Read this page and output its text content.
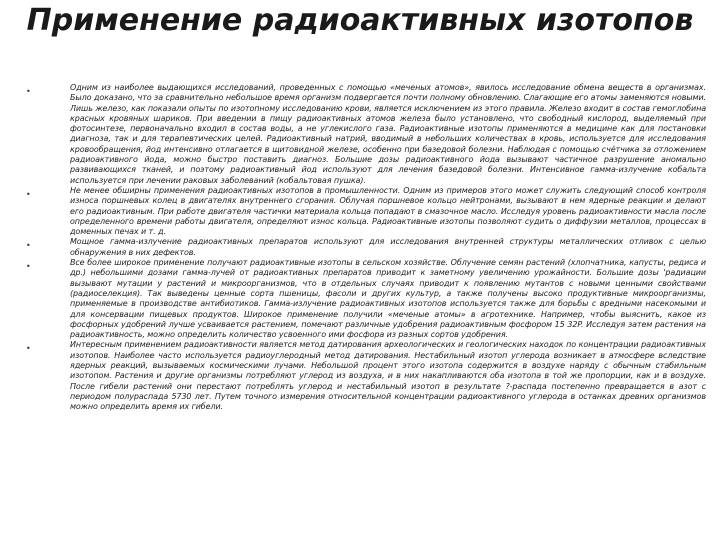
Применение радиоактивных изотопов
•	Одним из наиболее выдающихся исследований, проведенных с помощью «меченых атомов», явилось исследование обмена веществ в организмах. Было доказано, что за сравнительно небольшое время организм подвергается почти полному обновлению. Слагающие его атомы заменяются новыми. Лишь железо, как показали опыты по изотопному исследованию крови, является исключением из этого правила. Железо входит в состав гемоглобина красных кровяных шариков. При введении в пищу радиоактивных атомов железа было установлено, что свободный кислород, выделяемый при фотосинтезе, первоначально входил в состав воды, а не углекислого газа. Радиоактивные изотопы применяются в медицине как для постановки диагноза, так и для терапевтических целей. Радиоактивный натрий, вводимый в небольших количествах в кровь, используется для исследования кровообращения, йод интенсивно отлагается в щитовидной железе, особенно при базедовой болезни. Наблюдая с помощью счётчика за отложением радиоактивного йода, можно быстро поставить диагноз. Большие дозы радиоактивного йода вызывают частичное разрушение аномально развивающихся тканей, и поэтому радиоактивный йод используют для лечения базедовой болезни. Интенсивное гамма-излучение кобальта используется при лечении раковых заболеваний (кобальтовая пушка).
•	Не менее обширны применения радиоактивных изотопов в промышленности. Одним из примеров этого может служить следующий способ контроля износа поршневых колец в двигателях внутреннего сгорания. Облучая поршневое кольцо нейтронами, вызывают в нем ядерные реакции и делают его радиоактивным. При работе двигателя частички материала кольца попадают в смазочное масло. Исследуя уровень радиоактивности масла после определенного времени работы двигателя, определяют износ кольца. Радиоактивные изотопы позволяют судить о диффузии металлов, процессах в доменных печах и т. д.
•	Мощное гамма-излучение радиоактивных препаратов используют для исследования внутренней структуры металлических отливок с целью обнаружения в них дефектов.
•	Все более широкое применение получают радиоактивные изотопы в сельском хозяйстве. Облучение семян растений (хлопчатника, капусты, редиса и др.) небольшими дозами гамма-лучей от радиоактивных препаратов приводит к заметному увеличению урожайности. Большие дозы 'радиации вызывают мутации у растений и микроорганизмов, что в отдельных случаях приводит к появлению мутантов с новыми ценными свойствами (радиоселекция). Так выведены ценные сорта пшеницы, фасоли и других культур, а также получены высоко продуктивные микроорганизмы, применяемые в производстве антибиотиков. Гамма-излучение радиоактивных изотопов используется также для борьбы с вредными насекомыми и для консервации пищевых продуктов. Широкое применение получили «меченые атомы» в агротехнике. Например, чтобы выяснить, какое из фосфорных удобрений лучше усваивается растением, помечают различные удобрения радиоактивным фосфором 15 32P. Исследуя затем растения на радиоактивность, можно определить количество усвоенного ими фосфора из разных сортов удобрения.
•	Интересным применением радиоактивности является метод датирования археологических и геологических находок по концентрации радиоактивных изотопов. Наиболее часто используется радиоуглеродный метод датирования. Нестабильный изотоп углерода возникает в атмосфере вследствие ядерных реакций, вызываемых космическими лучами. Небольшой процент этого изотопа содержится в воздухе наряду с обычным стабильным изотопом. Растения и другие организмы потребляют углерод из воздуха, и в них накапливаются оба изотопа в той же пропорции, как и в воздухе. После гибели растений они перестают потреблять углерод и нестабильный изотоп в результате ?-распада постепенно превращается в азот с периодом полураспада 5730 лет. Путем точного измерения относительной концентрации радиоактивного углерода в останках древних организмов можно определить время их гибели.
